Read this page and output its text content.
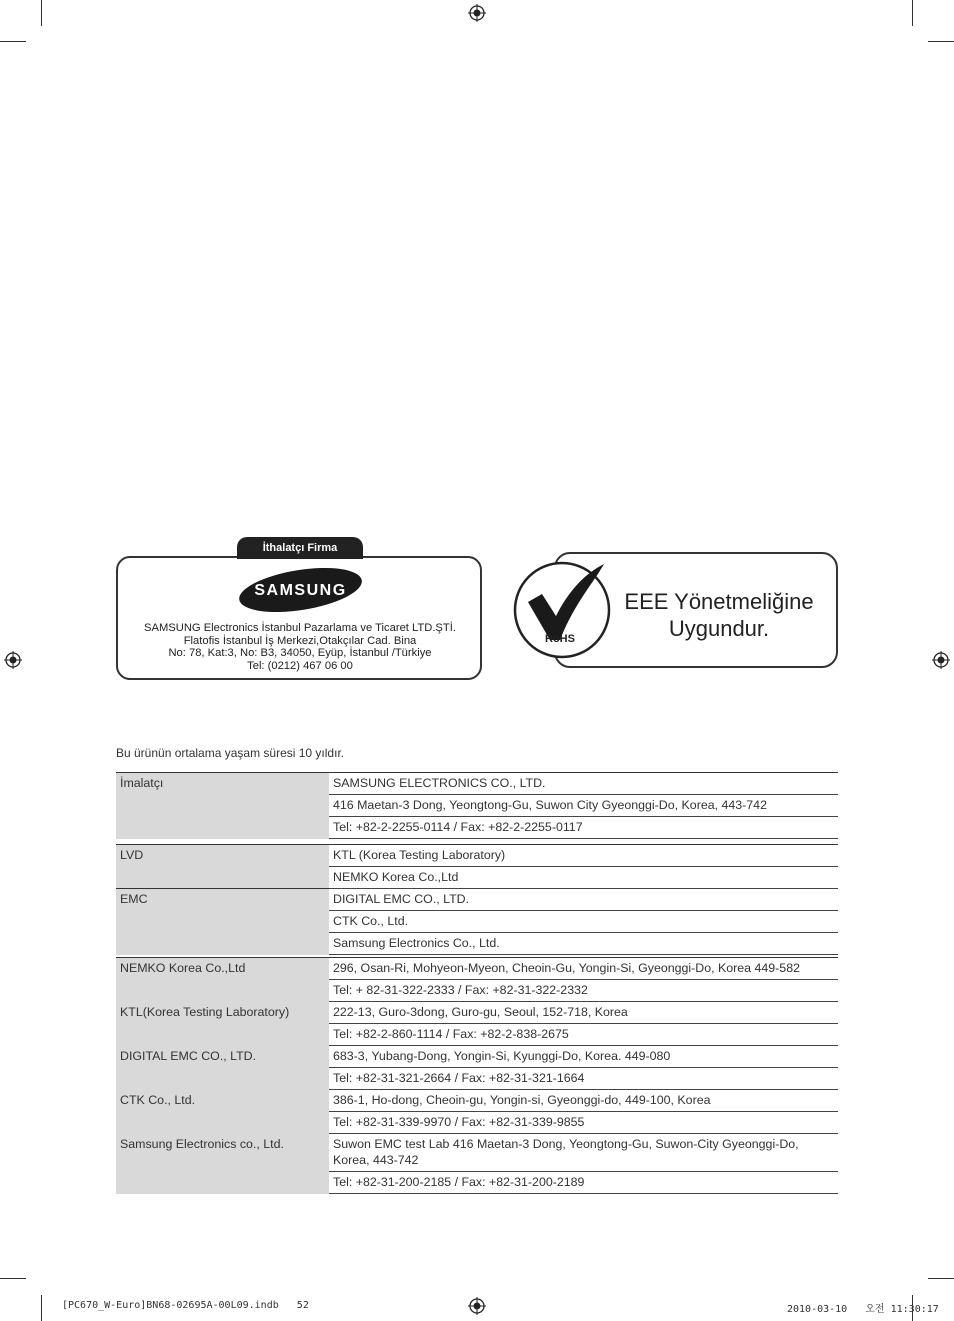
İthalatçı Firma
SAMSUNG
SAMSUNG Electronics İstanbul Pazarlama ve Ticaret LTD.ŞTİ.
Flatofis İstanbul İş Merkezi,Otakçılar Cad. Bina
No: 78, Kat:3, No: B3, 34050, Eyüp, İstanbul /Türkiye
Tel: (0212) 467 06 00
RoHS
EEE Yönetmeliğine
Uygundur.
Bu ürünün ortalama yaşam süresi 10 yıldır.
İmalatçı	SAMSUNG ELECTRONICS CO., LTD.
416 Maetan-3 Dong, Yeongtong-Gu, Suwon City Gyeonggi-Do, Korea, 443-742
Tel: +82-2-2255-0114 / Fax: +82-2-2255-0117
LVD	KTL (Korea Testing Laboratory)
	NEMKO Korea Co.,Ltd
EMC	DIGITAL EMC CO., LTD.
	CTK Co., Ltd.
	Samsung Electronics Co., Ltd.
NEMKO Korea Co.,Ltd	296, Osan-Ri, Mohyeon-Myeon, Cheoin-Gu, Yongin-Si, Gyeonggi-Do, Korea 449-582
	Tel: + 82-31-322-2333 / Fax: +82-31-322-2332
KTL(Korea Testing Laboratory)	222-13, Guro-3dong, Guro-gu, Seoul, 152-718, Korea
	Tel: +82-2-860-1114 / Fax: +82-2-838-2675
DIGITAL EMC CO., LTD.	683-3, Yubang-Dong, Yongin-Si, Kyunggi-Do, Korea. 449-080
	Tel: +82-31-321-2664 / Fax: +82-31-321-1664
CTK Co., Ltd.	386-1, Ho-dong, Cheoin-gu, Yongin-si, Gyeonggi-do, 449-100, Korea
	Tel: +82-31-339-9970 / Fax: +82-31-339-9855
Samsung Electronics co., Ltd.	Suwon EMC test Lab 416 Maetan-3 Dong, Yeongtong-Gu, Suwon-City Gyeonggi-Do, Korea, 443-742
	Tel: +82-31-200-2185 / Fax: +82-31-200-2189
[PC670_W-Euro]BN68-02695A-00L09.indb   52	2010-03-10   오전 11:30:17
